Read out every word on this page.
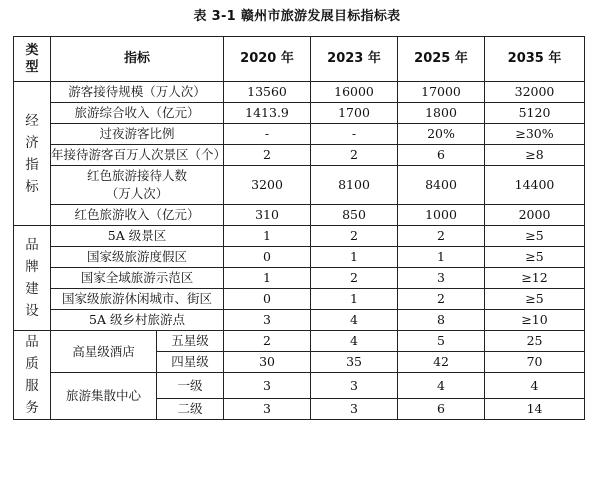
表 3-1 赣州市旅游发展目标指标表
类
型	指标		2020 年	2023 年	2025 年	2035 年

经
济
指
标	游客接待规模（万人次）		13560	16000	17000	32000
	旅游综合收入（亿元）		1413.9	1700	1800	5120
	过夜游客比例		-	-	20%	≥30%
	年接待游客百万人次景区（个）		2	2	6	≥8

	红色旅游接待人数
（万人次）		3200	8100	8400	14400
	红色旅游收入（亿元）		310	850	1000	2000

品
牌
建
设	5A 级景区		1	2	2	≥5
	国家级旅游度假区		0	1	1	≥5
	国家全域旅游示范区		1	2	3	≥12
	国家级旅游休闲城市、街区		0	1	2	≥5
	5A 级乡村旅游点		3	4	8	≥10

品
质
服
务	高星级酒店	五星级	2	4	5	25
		四星级	30	35	42	70
	旅游集散中心	一级	3	3	4	4
		二级	3	3	6	14
